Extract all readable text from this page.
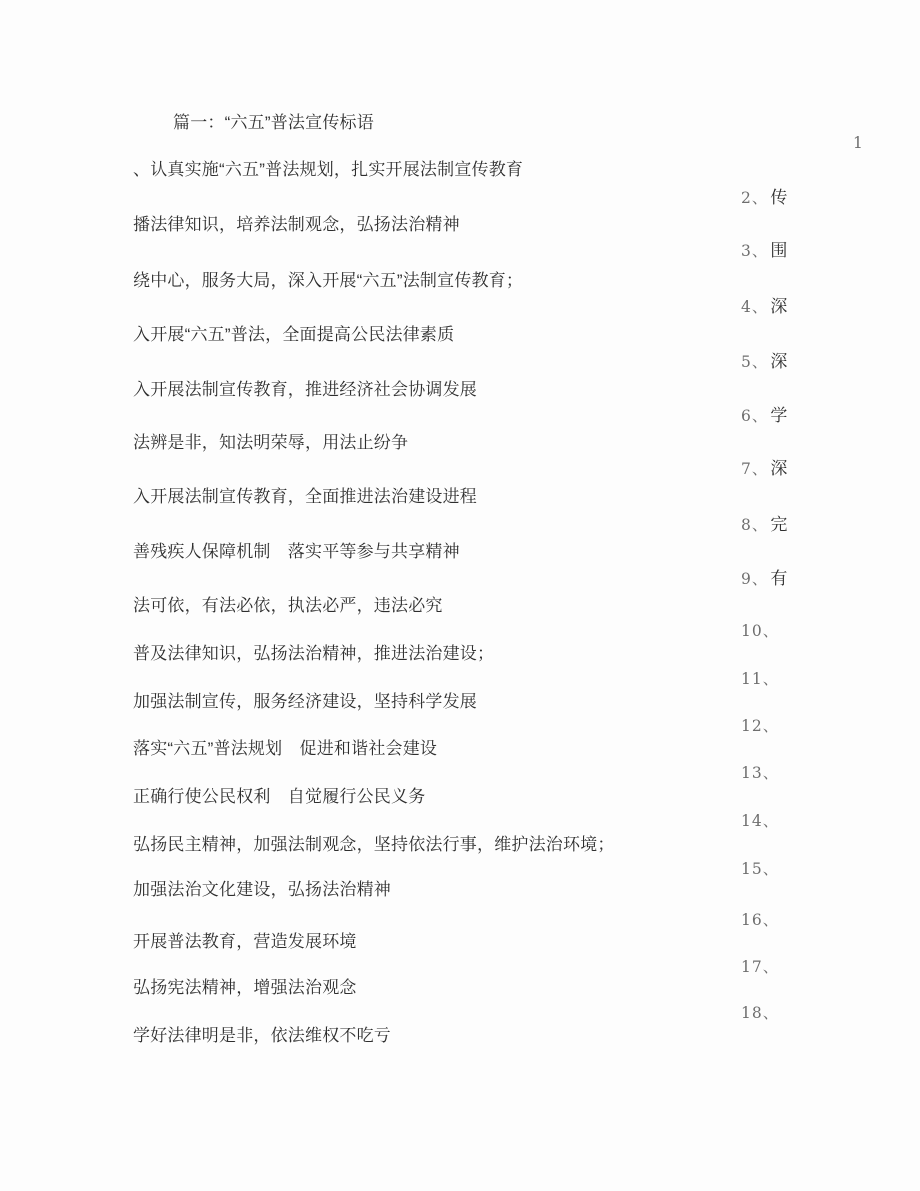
篇一：“六五”普法宣传标语
1
、认真实施“六五”普法规划，扎实开展法制宣传教育
2、 传
播法律知识，培养法制观念，弘扬法治精神
3、 围
绕中心，服务大局，深入开展“六五”法制宣传教育；
4、 深
入开展“六五”普法，全面提高公民法律素质
5、 深
入开展法制宣传教育，推进经济社会协调发展
6、 学
法辨是非，知法明荣辱，用法止纷争
7、 深
入开展法制宣传教育，全面推进法治建设进程
8、 完
善残疾人保障机制　落实平等参与共享精神
9、 有
法可依，有法必依，执法必严，违法必究
10、
普及法律知识，弘扬法治精神，推进法治建设；
11、
加强法制宣传，服务经济建设，坚持科学发展
12、
落实“六五”普法规划　促进和谐社会建设
13、
正确行使公民权利　自觉履行公民义务
14、
弘扬民主精神，加强法制观念，坚持依法行事，维护法治环境；
15、
加强法治文化建设，弘扬法治精神
16、
开展普法教育，营造发展环境
17、
弘扬宪法精神，增强法治观念
18、
学好法律明是非，依法维权不吃亏
